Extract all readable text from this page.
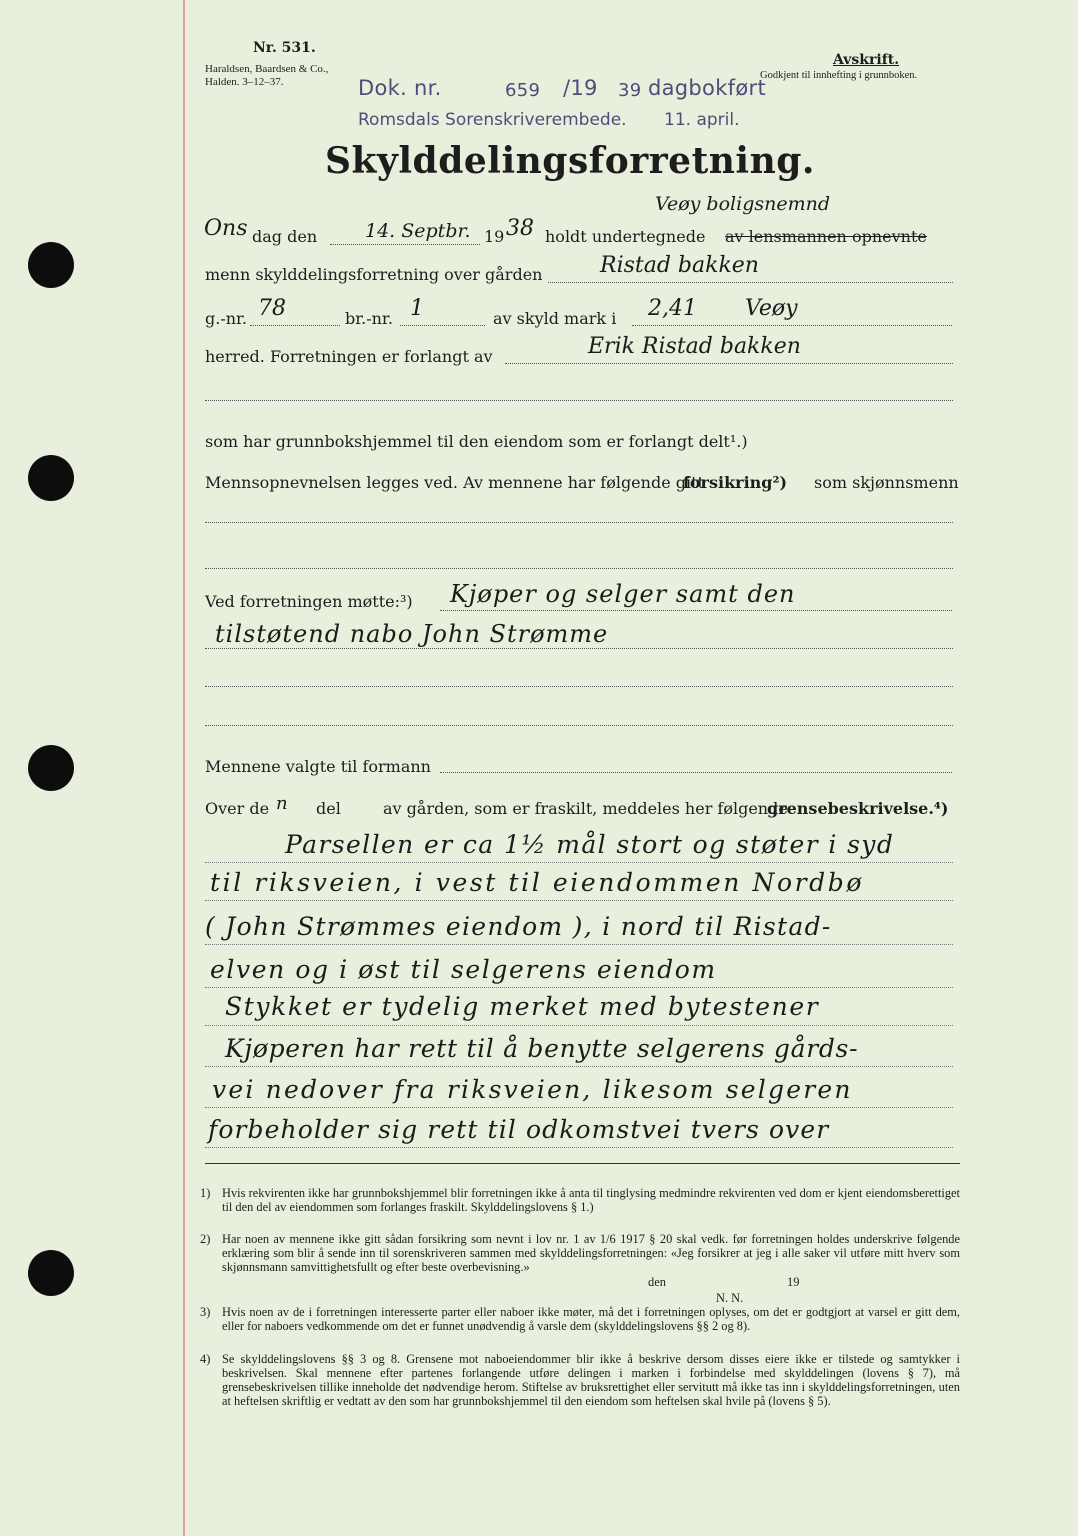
Nr. 531.
Haraldsen, Baardsen & Co.,
Halden. 3–12–37.
Avskrift.
Godkjent til innhefting i grunnboken.
Dok. nr.	659 /19 39 dagbokført
Romsdals Sorenskriverembede. 11. april.
Skylddelingsforretning.
Veøy boligsnemnd
Ons dag den	14. Septbr. 19 38 holdt undertegnede av lensmannen opnevnte
menn skylddelingsforretning over gården	Ristad bakken
g.-nr. 78	br.-nr. 1	av skyld mark i 2,41 Veøy
herred. Forretningen er forlangt av	Erik Ristad bakken
som har grunnbokshjemmel til den eiendom som er forlangt delt¹.)
Mennsopnevnelsen legges ved. Av mennene har følgende gitt
forsikring²) som skjønnsmenn
Ved forretningen møtte:³) Kjøper og selger samt den
tilstøtend nabo John Strømme
Mennene valgte til formann
Over de n del	av gården, som er fraskilt, meddeles her følgende
grensebeskrivelse.⁴)
Parsellen er ca 1½ mål stort og støter i syd
til riksveien, i vest til eiendommen Nordbø
( John Strømmes eiendom ), i nord til Ristad-
elven og i øst til selgerens eiendom
Stykket er tydelig merket med bytestener
Kjøperen har rett til å benytte selgerens gårds-
vei nedover fra riksveien, likesom selgeren
forbeholder sig rett til odkomstvei tvers over
1) Hvis rekvirenten ikke har grunnbokshjemmel blir forretningen ikke å anta til tinglysing medmindre rekvirenten ved dom er kjent eiendomsberettiget til den del av eiendommen som forlanges fraskilt. Skylddelingslovens § 1.)
2) Har noen av mennene ikke gitt sådan forsikring som nevnt i lov nr. 1 av 1/6 1917 § 20 skal vedk. før forretningen holdes underskrive følgende erklæring som blir å sende inn til sorenskriveren sammen med skylddelingsforretningen: «Jeg forsikrer at jeg i alle saker vil utføre mitt hverv som skjønnsmann samvittighetsfullt og efter beste overbevisning.»
den	19
N. N.
3) Hvis noen av de i forretningen interesserte parter eller naboer ikke møter, må det i forretningen oplyses, om det er godtgjort at varsel er gitt dem, eller for naboers vedkommende om det er funnet unødvendig å varsle dem (skylddelingslovens §§ 2 og 8).
4) Se skylddelingslovens §§ 3 og 8. Grensene mot naboeiendommer blir ikke å beskrive dersom disses eiere ikke er tilstede og samtykker i beskrivelsen. Skal mennene efter partenes forlangende utføre delingen i marken i forbindelse med skylddelingen (lovens § 7), må grensebeskrivelsen tillike inneholde det nødvendige herom. Stiftelse av bruksrettighet eller servitutt må ikke tas inn i skylddelingsforretningen, uten at heftelsen skriftlig er vedtatt av den som har grunnbokshjemmel til den eiendom som heftelsen skal hvile på (lovens § 5).
